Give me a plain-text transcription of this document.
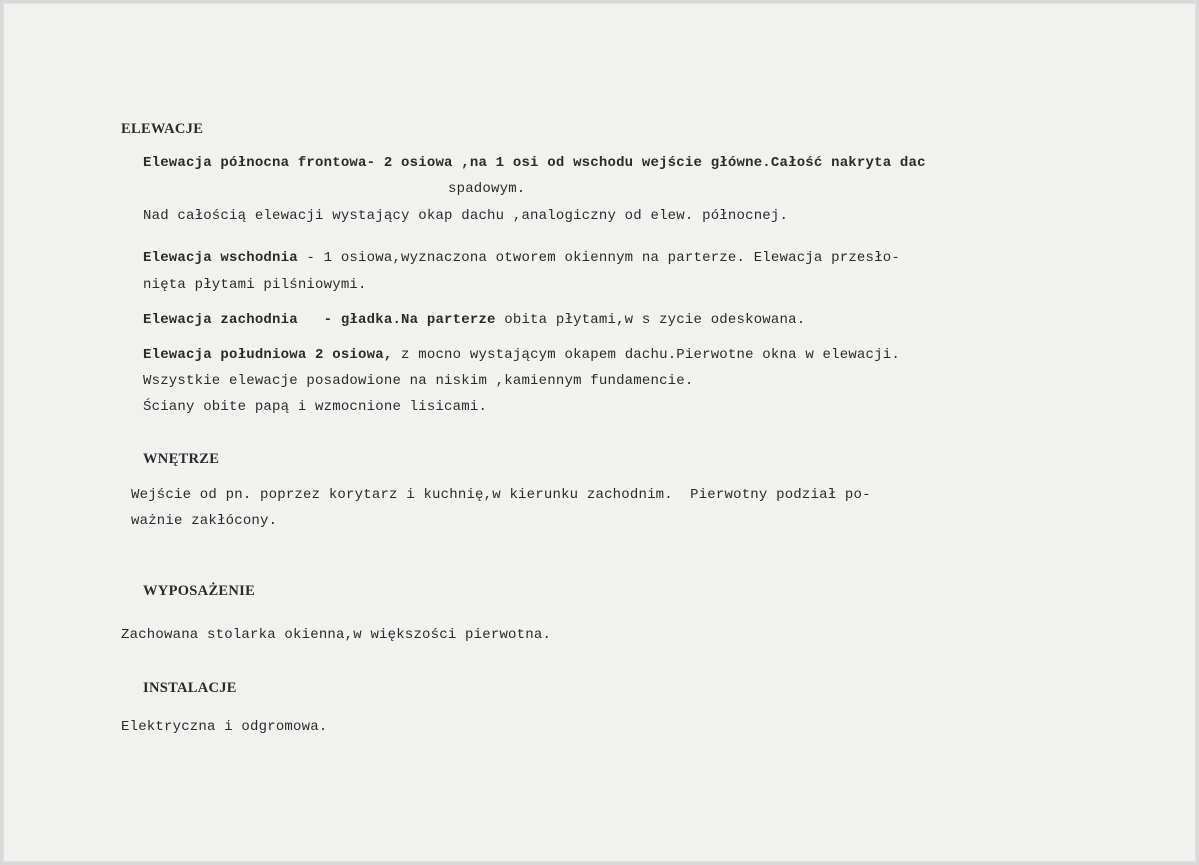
ELEWACJE
Elewacja północna frontowa- 2 osiowa ,na 1 osi od wschodu wejście główne.Całość nakryta dac
spadowym.
Nad całością elewacji wystający okap dachu ,analogiczny od elew. północnej.
Elewacja wschodnia - 1 osiowa,wyznaczona otworem okiennym na parterze. Elewacja przesło-
nięta płytami pilśniowymi.
Elewacja zachodnia   - gładka.Na parterze obita płytami,w s zycie odeskowana.
Elewacja południowa 2 osiowa, z mocno wystającym okapem dachu.Pierwotne okna w elewacji.
Wszystkie elewacje posadowione na niskim ,kamiennym fundamencie.
Ściany obite papą i wzmocnione lisicami.
WNĘTRZE
Wejście od pn. poprzez korytarz i kuchnię,w kierunku zachodnim.  Pierwotny podział po-
ważnie zakłócony.
WYPOSAŻENIE
Zachowana stolarka okienna,w większości pierwotna.
INSTALACJE
Elektryczna i odgromowa.
